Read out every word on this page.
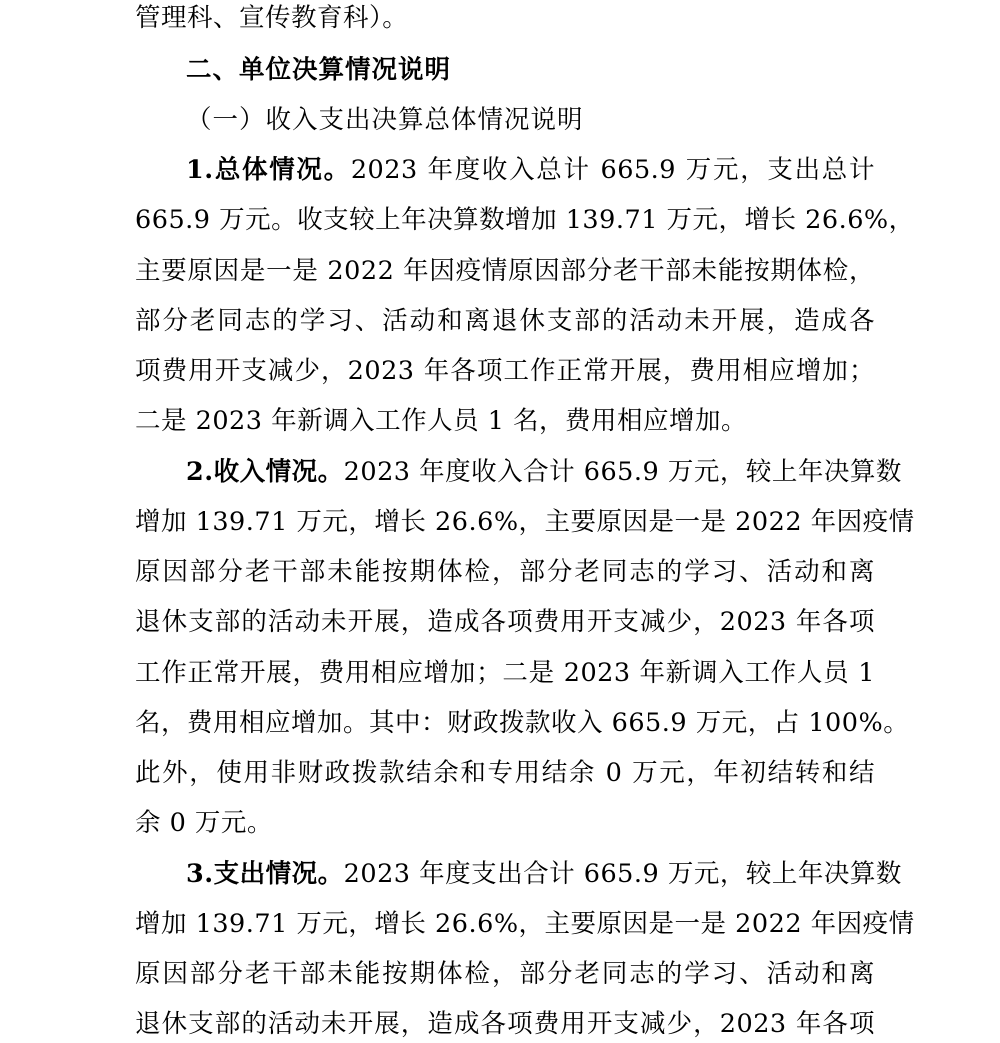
管理科、宣传教育科）。
二、单位决算情况说明
（一）收入支出决算总体情况说明
1.总体情况。2023 年度收入总计 665.9 万元，支出总计
665.9 万元。收支较上年决算数增加 139.71 万元，增长 26.6%，
主要原因是一是 2022 年因疫情原因部分老干部未能按期体检，
部分老同志的学习、活动和离退休支部的活动未开展，造成各
项费用开支减少，2023 年各项工作正常开展，费用相应增加；
二是 2023 年新调入工作人员 1 名，费用相应增加。
2.收入情况。2023 年度收入合计 665.9 万元，较上年决算数
增加 139.71 万元，增长 26.6%，主要原因是一是 2022 年因疫情
原因部分老干部未能按期体检，部分老同志的学习、活动和离
退休支部的活动未开展，造成各项费用开支减少，2023 年各项
工作正常开展，费用相应增加；二是 2023 年新调入工作人员 1
名，费用相应增加。其中：财政拨款收入 665.9 万元，占 100%。
此外，使用非财政拨款结余和专用结余 0 万元，年初结转和结
余 0 万元。
3.支出情况。2023 年度支出合计 665.9 万元，较上年决算数
增加 139.71 万元，增长 26.6%，主要原因是一是 2022 年因疫情
原因部分老干部未能按期体检，部分老同志的学习、活动和离
退休支部的活动未开展，造成各项费用开支减少，2023 年各项
